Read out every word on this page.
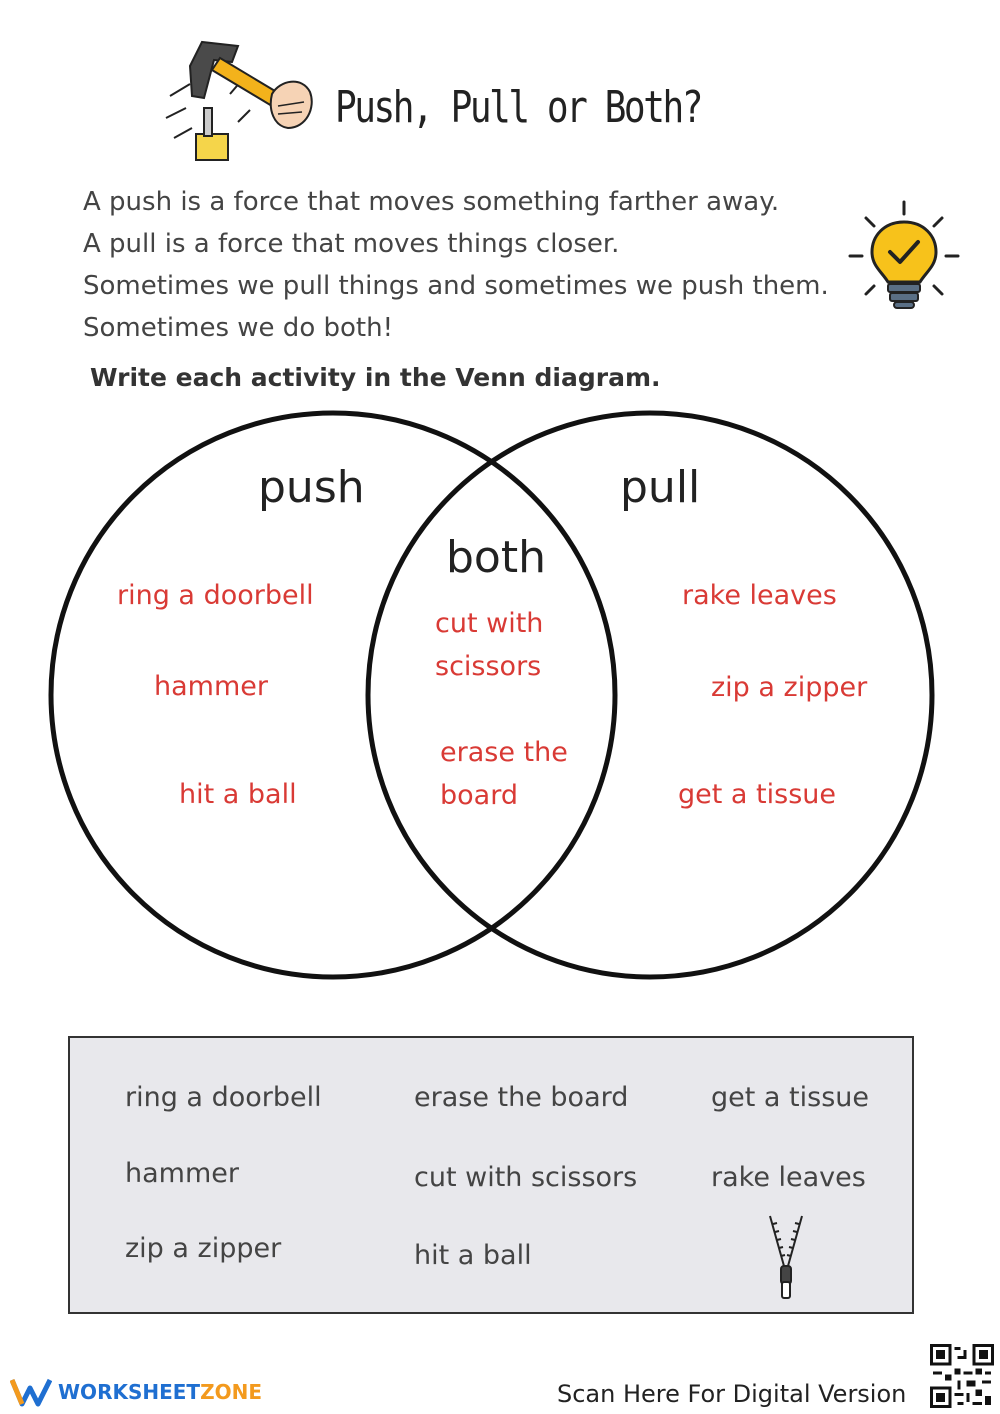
Push, Pull or Both?
A push is a force that moves something farther away.
A pull is a force that moves things closer.
Sometimes we pull things and sometimes we push them.
Sometimes we do both!
Write each activity in the Venn diagram.
push	pull
both
ring a doorbell
hammer
hit a ball
rake leaves
zip a zipper
get a tissue
cut with
scissors
erase the
board
ring a doorbell
hammer
zip a zipper
erase the board
cut with scissors
hit a ball
get a tissue
rake leaves
WORKSHEETZONE	Scan Here For Digital Version
